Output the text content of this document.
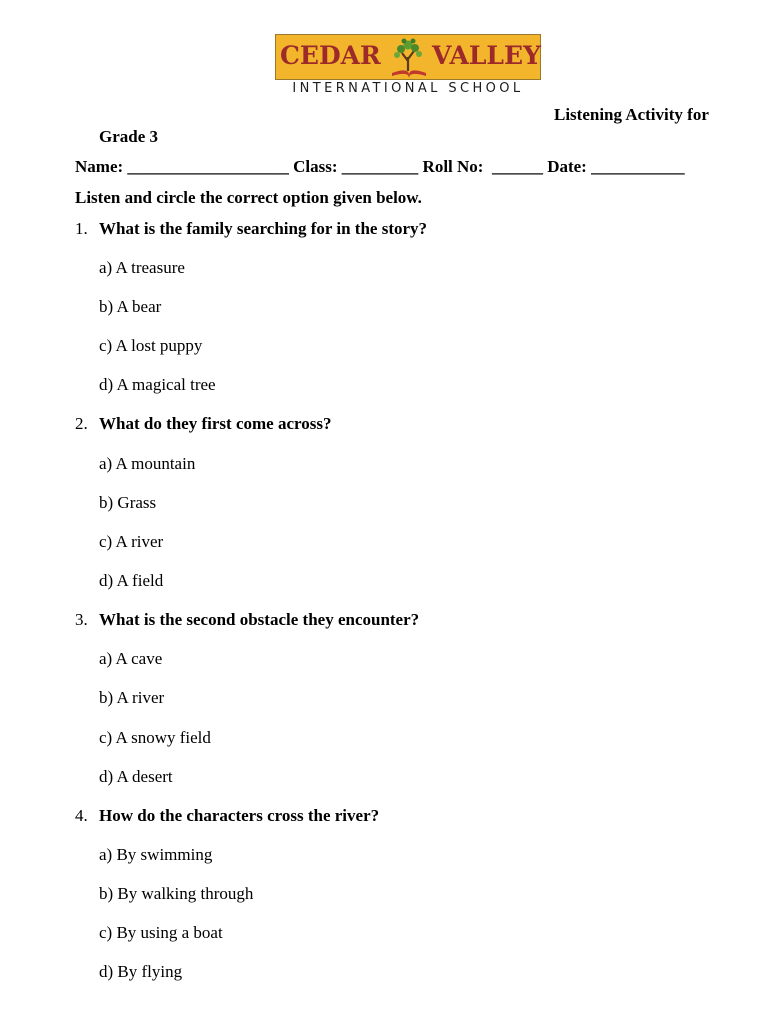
CEDAR VALLEY
INTERNATIONAL SCHOOL
Listening Activity for
Grade 3
Name: ___________________ Class: _________ Roll No:  ______ Date: ___________
Listen and circle the correct option given below.
1. What is the family searching for in the story?
a) A treasure
b) A bear
c) A lost puppy
d) A magical tree
2. What do they first come across?
a) A mountain
b) Grass
c) A river
d) A field
3. What is the second obstacle they encounter?
a) A cave
b) A river
c) A snowy field
d) A desert
4. How do the characters cross the river?
a) By swimming
b) By walking through
c) By using a boat
d) By flying
